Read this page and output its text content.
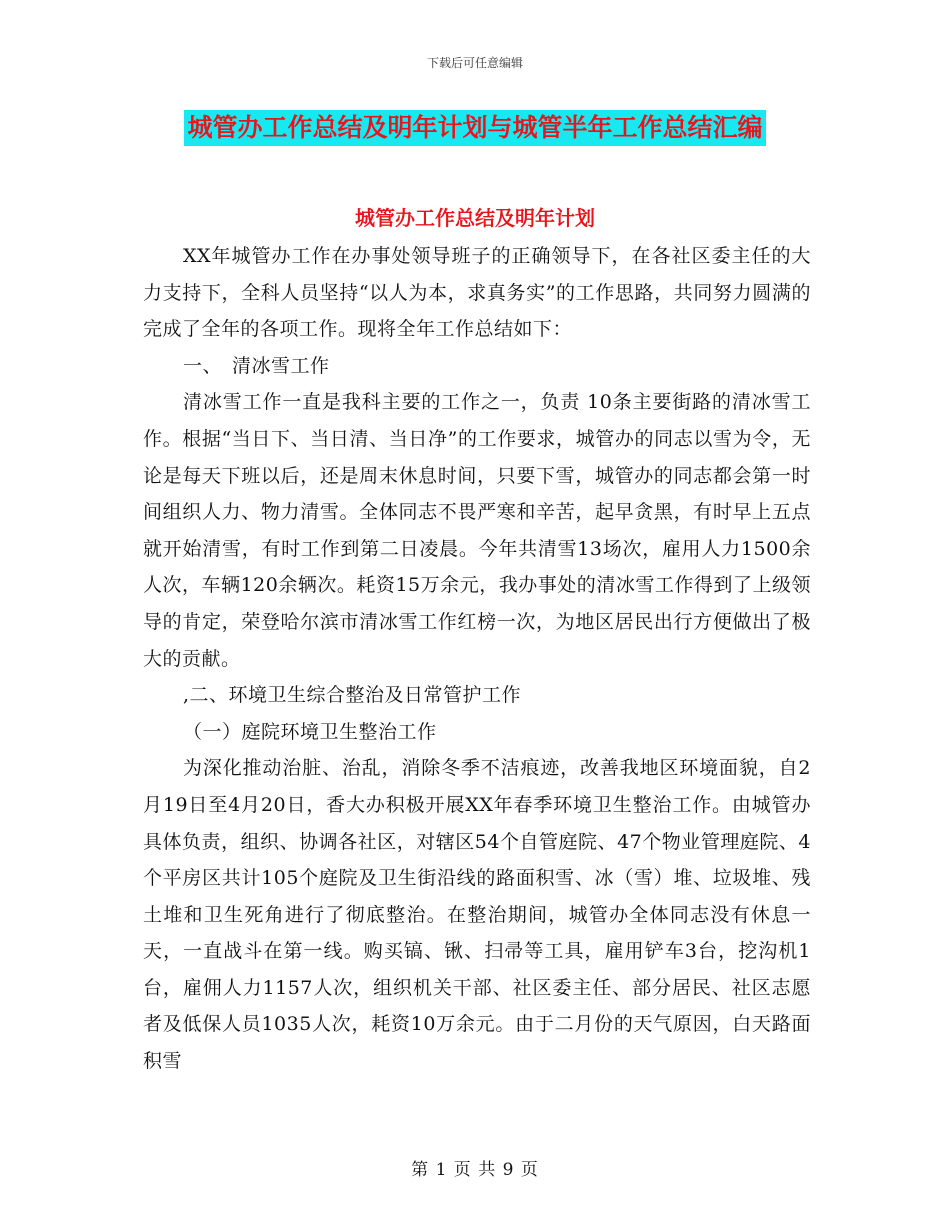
下载后可任意编辑
城管办工作总结及明年计划与城管半年工作总结汇编
城管办工作总结及明年计划

XX年城管办工作在办事处领导班子的正确领导下，在各社区委主任的大力支持下，全科人员坚持“以人为本，求真务实”的工作思路，共同努力圆满的完成了全年的各项工作。现将全年工作总结如下：

一、　清冰雪工作

清冰雪工作一直是我科主要的工作之一，负责 10条主要街路的清冰雪工作。根据“当日下、当日清、当日净”的工作要求，城管办的同志以雪为令，无论是每天下班以后，还是周末休息时间，只要下雪，城管办的同志都会第一时间组织人力、物力清雪。全体同志不畏严寒和辛苦，起早贪黑，有时早上五点就开始清雪，有时工作到第二日凌晨。今年共清雪13场次，雇用人力1500余人次，车辆120余辆次。耗资15万余元，我办事处的清冰雪工作得到了上级领导的肯定，荣登哈尔滨市清冰雪工作红榜一次，为地区居民出行方便做出了极大的贡献。

,二、环境卫生综合整治及日常管护工作

（一）庭院环境卫生整治工作

为深化推动治脏、治乱，消除冬季不洁痕迹，改善我地区环境面貌，自2月19日至4月20日，香大办积极开展XX年春季环境卫生整治工作。由城管办具体负责，组织、协调各社区，对辖区54个自管庭院、47个物业管理庭院、4个平房区共计105个庭院及卫生街沿线的路面积雪、冰（雪）堆、垃圾堆、残土堆和卫生死角进行了彻底整治。在整治期间，城管办全体同志没有休息一天，一直战斗在第一线。购买镐、锹、扫帚等工具，雇用铲车3台，挖沟机1台，雇佣人力1157人次，组织机关干部、社区委主任、部分居民、社区志愿者及低保人员1035人次，耗资10万余元。由于二月份的天气原因，白天路面积雪

第 1 页 共 9 页
